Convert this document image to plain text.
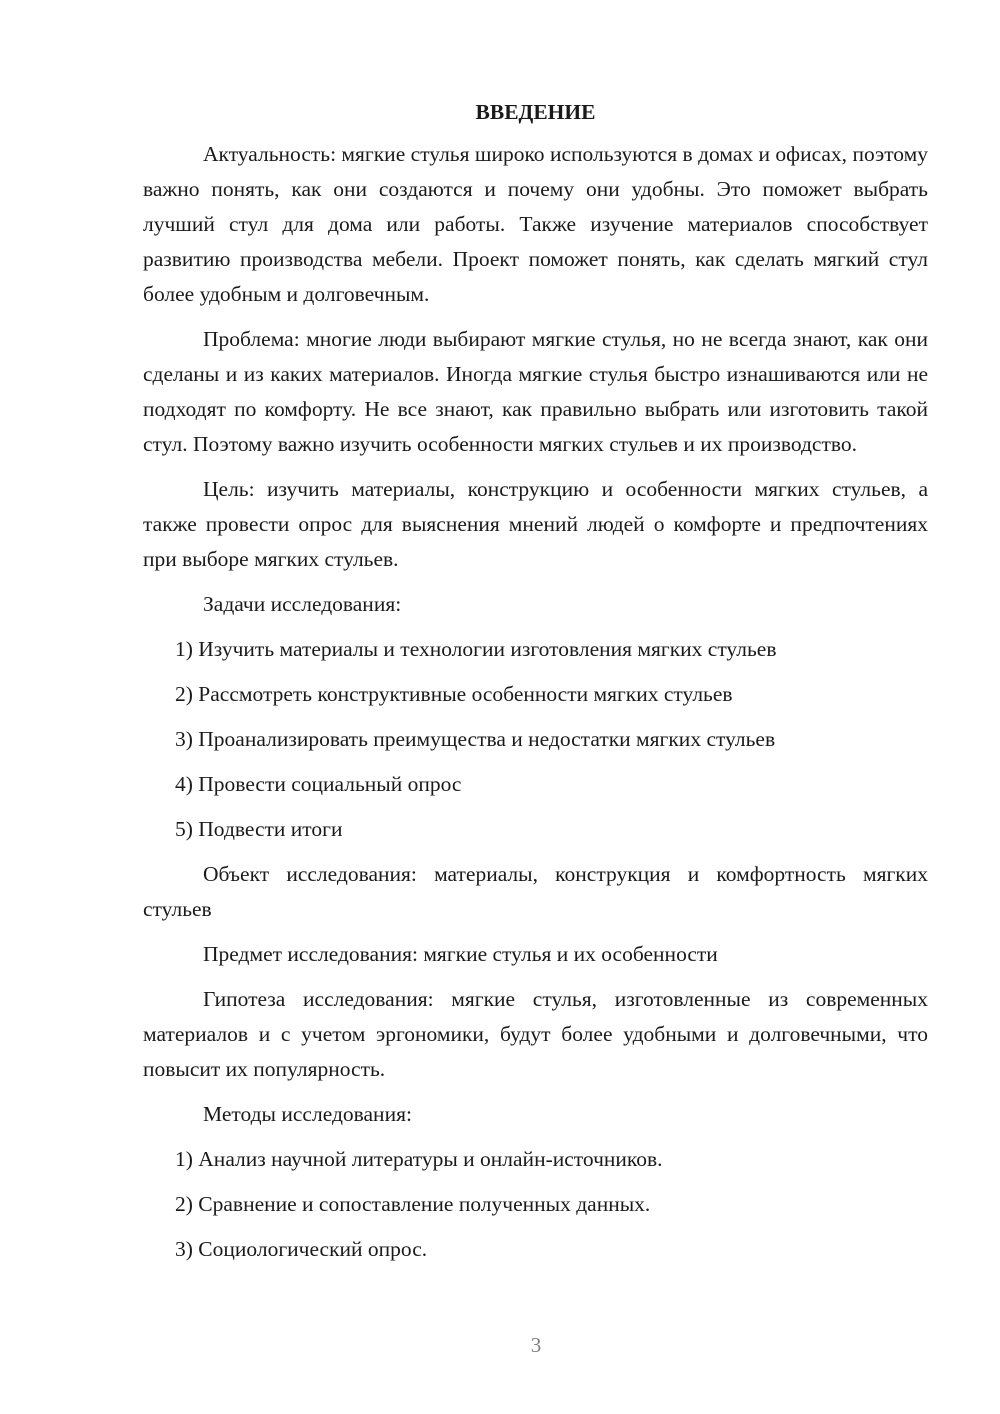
ВВЕДЕНИЕ

Актуальность: мягкие стулья широко используются в домах и офисах, поэтому важно понять, как они создаются и почему они удобны. Это поможет выбрать лучший стул для дома или работы. Также изучение материалов способствует развитию производства мебели. Проект поможет понять, как сделать мягкий стул более удобным и долговечным.

Проблема: многие люди выбирают мягкие стулья, но не всегда знают, как они сделаны и из каких материалов. Иногда мягкие стулья быстро изнашиваются или не подходят по комфорту. Не все знают, как правильно выбрать или изготовить такой стул. Поэтому важно изучить особенности мягких стульев и их производство.

Цель: изучить материалы, конструкцию и особенности мягких стульев, а также провести опрос для выяснения мнений людей о комфорте и предпочтениях при выборе мягких стульев.

Задачи исследования:

1) Изучить материалы и технологии изготовления мягких стульев
2) Рассмотреть конструктивные особенности мягких стульев
3) Проанализировать преимущества и недостатки мягких стульев
4) Провести социальный опрос
5) Подвести итоги

Объект исследования: материалы, конструкция и комфортность мягких стульев

Предмет исследования: мягкие стулья и их особенности

Гипотеза исследования: мягкие стулья, изготовленные из современных материалов и с учетом эргономики, будут более удобными и долговечными, что повысит их популярность.

Методы исследования:

1) Анализ научной литературы и онлайн-источников.
2) Сравнение и сопоставление полученных данных.
3) Социологический опрос.
3
